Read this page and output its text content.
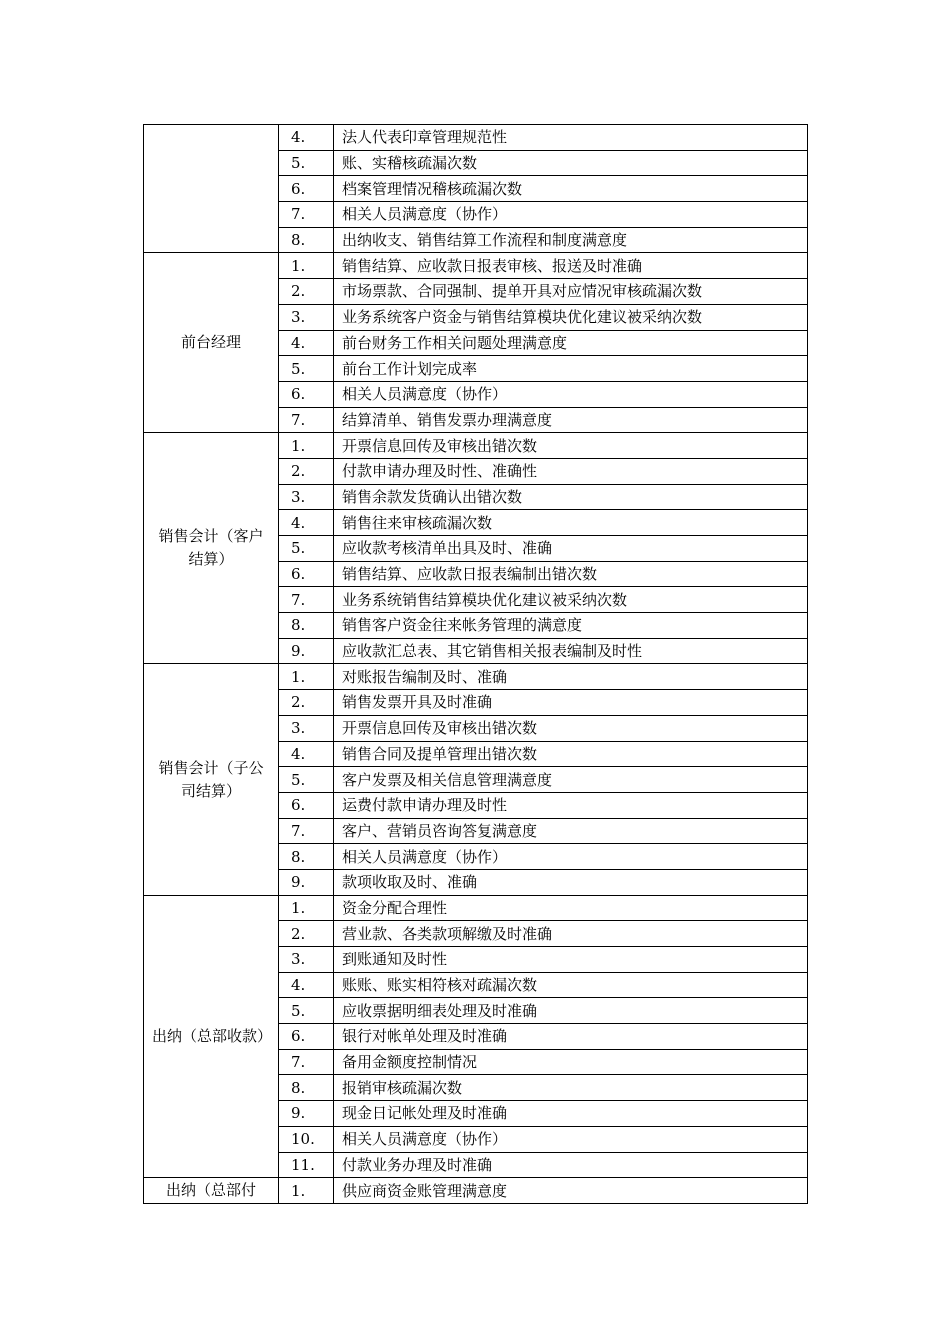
	4.	法人代表印章管理规范性
	5.	账、实稽核疏漏次数
	6.	档案管理情况稽核疏漏次数
	7.	相关人员满意度（协作）
	8.	出纳收支、销售结算工作流程和制度满意度
前台经理	1.	销售结算、应收款日报表审核、报送及时准确
	2.	市场票款、合同强制、提单开具对应情况审核疏漏次数
	3.	业务系统客户资金与销售结算模块优化建议被采纳次数
	4.	前台财务工作相关问题处理满意度
	5.	前台工作计划完成率
	6.	相关人员满意度（协作）
	7.	结算清单、销售发票办理满意度
销售会计（客户结算）	1.	开票信息回传及审核出错次数
	2.	付款申请办理及时性、准确性
	3.	销售余款发货确认出错次数
	4.	销售往来审核疏漏次数
	5.	应收款考核清单出具及时、准确
	6.	销售结算、应收款日报表编制出错次数
	7.	业务系统销售结算模块优化建议被采纳次数
	8.	销售客户资金往来帐务管理的满意度
	9.	应收款汇总表、其它销售相关报表编制及时性
销售会计（子公司结算）	1.	对账报告编制及时、准确
	2.	销售发票开具及时准确
	3.	开票信息回传及审核出错次数
	4.	销售合同及提单管理出错次数
	5.	客户发票及相关信息管理满意度
	6.	运费付款申请办理及时性
	7.	客户、营销员咨询答复满意度
	8.	相关人员满意度（协作）
	9.	款项收取及时、准确
出纳（总部收款）	1.	资金分配合理性
	2.	营业款、各类款项解缴及时准确
	3.	到账通知及时性
	4.	账账、账实相符核对疏漏次数
	5.	应收票据明细表处理及时准确
	6.	银行对帐单处理及时准确
	7.	备用金额度控制情况
	8.	报销审核疏漏次数
	9.	现金日记帐处理及时准确
	10.	相关人员满意度（协作）
	11.	付款业务办理及时准确
出纳（总部付	1.	供应商资金账管理满意度
